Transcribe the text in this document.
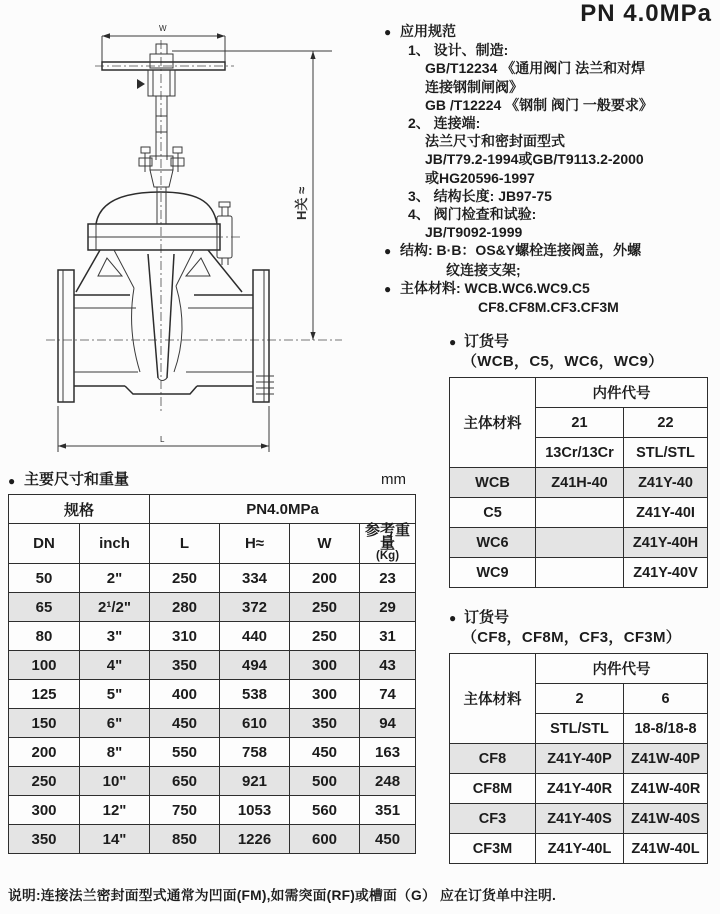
PN 4.0MPa
W
H关 ≈
L
● 应用规范
1、 设计、制造:
GB/T12234 《通用阀门 法兰和对焊
连接钢制闸阀》
GB /T12224 《钢制 阀门 一般要求》
2、 连接端:
法兰尺寸和密封面型式
JB/T79.2-1994或GB/T9113.2-2000
或HG20596-1997
3、 结构长度: JB97-75
4、 阀门检查和试验:
JB/T9092-1999
● 结构: B·B：OS&Y螺栓连接阀盖，外螺
纹连接支架;
● 主体材料: WCB.WC6.WC9.C5
CF8.CF8M.CF3.CF3M
● 订货号
（WCB，C5，WC6，WC9）
主体材料	内件代号	
	21	22
	13Cr/13Cr	STL/STL
WCB	Z41H-40	Z41Y-40
C5		Z41Y-40I
WC6		Z41Y-40H
WC9		Z41Y-40V
● 订货号
（CF8，CF8M，CF3，CF3M）
主体材料	内件代号	
	2	6
	STL/STL	18-8/18-8
CF8	Z41Y-40P	Z41W-40P
CF8M	Z41Y-40R	Z41W-40R
CF3	Z41Y-40S	Z41W-40S
CF3M	Z41Y-40L	Z41W-40L
● 主要尺寸和重量	mm
规格		PN4.0MPa			
DN	inch	L	H≈	W	参考重量
(Kg)

50	2"	250	334	200	23
65	2¹/2"	280	372	250	29
80	3"	310	440	250	31
100	4"	350	494	300	43
125	5"	400	538	300	74
150	6"	450	610	350	94
200	8"	550	758	450	163
250	10"	650	921	500	248
300	12"	750	1053	560	351
350	14"	850	1226	600	450
说明:连接法兰密封面型式通常为凹面(FM),如需突面(RF)或槽面（G） 应在订货单中注明.
